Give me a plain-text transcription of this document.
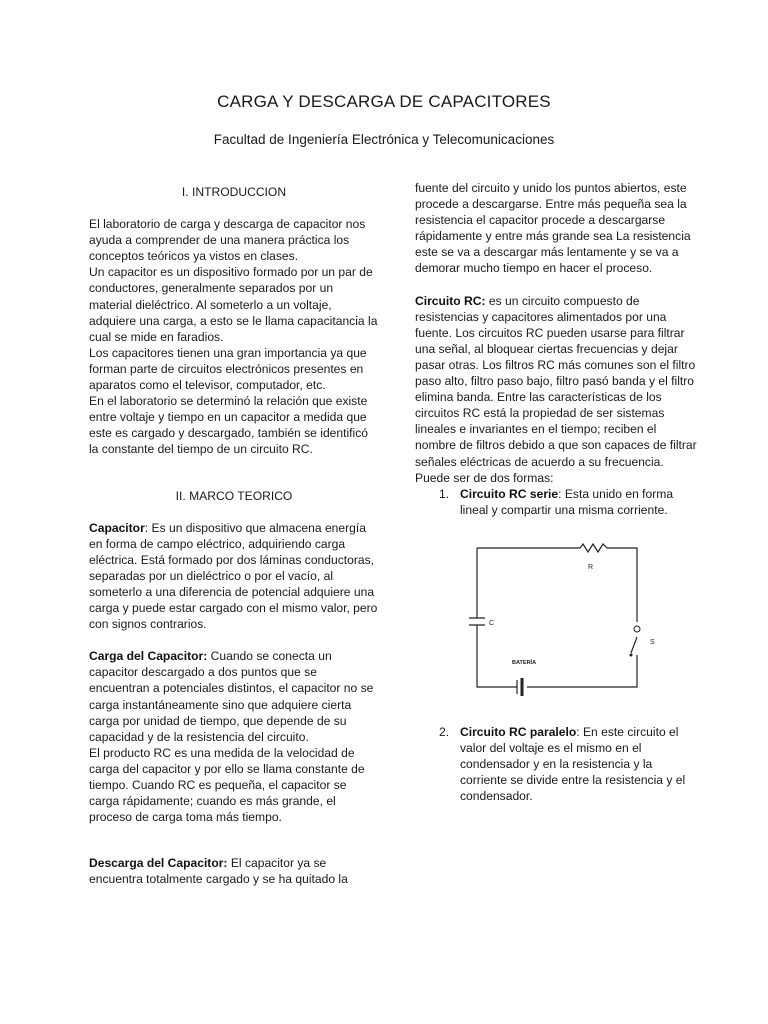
CARGA Y DESCARGA DE CAPACITORES
Facultad de Ingeniería Electrónica y Telecomunicaciones

I. INTRODUCCION

El laboratorio de carga y descarga de capacitor nos ayuda a comprender de una manera práctica los conceptos teóricos ya vistos en clases.

Un capacitor es un dispositivo formado por un par de conductores, generalmente separados por un material dieléctrico. Al someterlo a un voltaje, adquiere una carga, a esto se le llama capacitancia la cual se mide en faradios.

Los capacitores tienen una gran importancia ya que forman parte de circuitos electrónicos presentes en aparatos como el televisor, computador, etc.

En el laboratorio se determinó la relación que existe entre voltaje y tiempo en un capacitor a medida que este es cargado y descargado, también se identificó la constante del tiempo de un circuito RC.

II. MARCO TEORICO

Capacitor: Es un dispositivo que almacena energía en forma de campo eléctrico, adquiriendo carga eléctrica. Está formado por dos láminas conductoras, separadas por un dieléctrico o por el vacío, al someterlo a una diferencia de potencial adquiere una carga y puede estar cargado con el mismo valor, pero con signos contrarios.

Carga del Capacitor: Cuando se conecta un capacitor descargado a dos puntos que se encuentran a potenciales distintos, el capacitor no se carga instantáneamente sino que adquiere cierta carga por unidad de tiempo, que depende de su capacidad y de la resistencia del circuito.

El producto RC es una medida de la velocidad de carga del capacitor y por ello se llama constante de tiempo. Cuando RC es pequeña, el capacitor se carga rápidamente; cuando es más grande, el proceso de carga toma más tiempo.

Descarga del Capacitor: El capacitor ya se encuentra totalmente cargado y se ha quitado la

fuente del circuito y unido los puntos abiertos, este procede a descargarse. Entre más pequeña sea la resistencia el capacitor procede a descargarse rápidamente y entre más grande sea La resistencia este se va a descargar más lentamente y se va a demorar mucho tiempo en hacer el proceso.

Circuito RC: es un circuito compuesto de resistencias y capacitores alimentados por una fuente. Los circuitos RC pueden usarse para filtrar una señal, al bloquear ciertas frecuencias y dejar pasar otras. Los filtros RC más comunes son el filtro paso alto, filtro paso bajo, filtro pasó banda y el filtro elimina banda. Entre las características de los circuitos RC está la propiedad de ser sistemas lineales e invariantes en el tiempo; reciben el nombre de filtros debido a que son capaces de filtrar señales eléctricas de acuerdo a su frecuencia.

Puede ser de dos formas:

1. Circuito RC serie: Esta unido en forma lineal y compartir una misma corriente.
R
C
S
BATERÍA
2. Circuito RC paralelo: En este circuito el valor del voltaje es el mismo en el condensador y en la resistencia y la corriente se divide entre la resistencia y el condensador.
